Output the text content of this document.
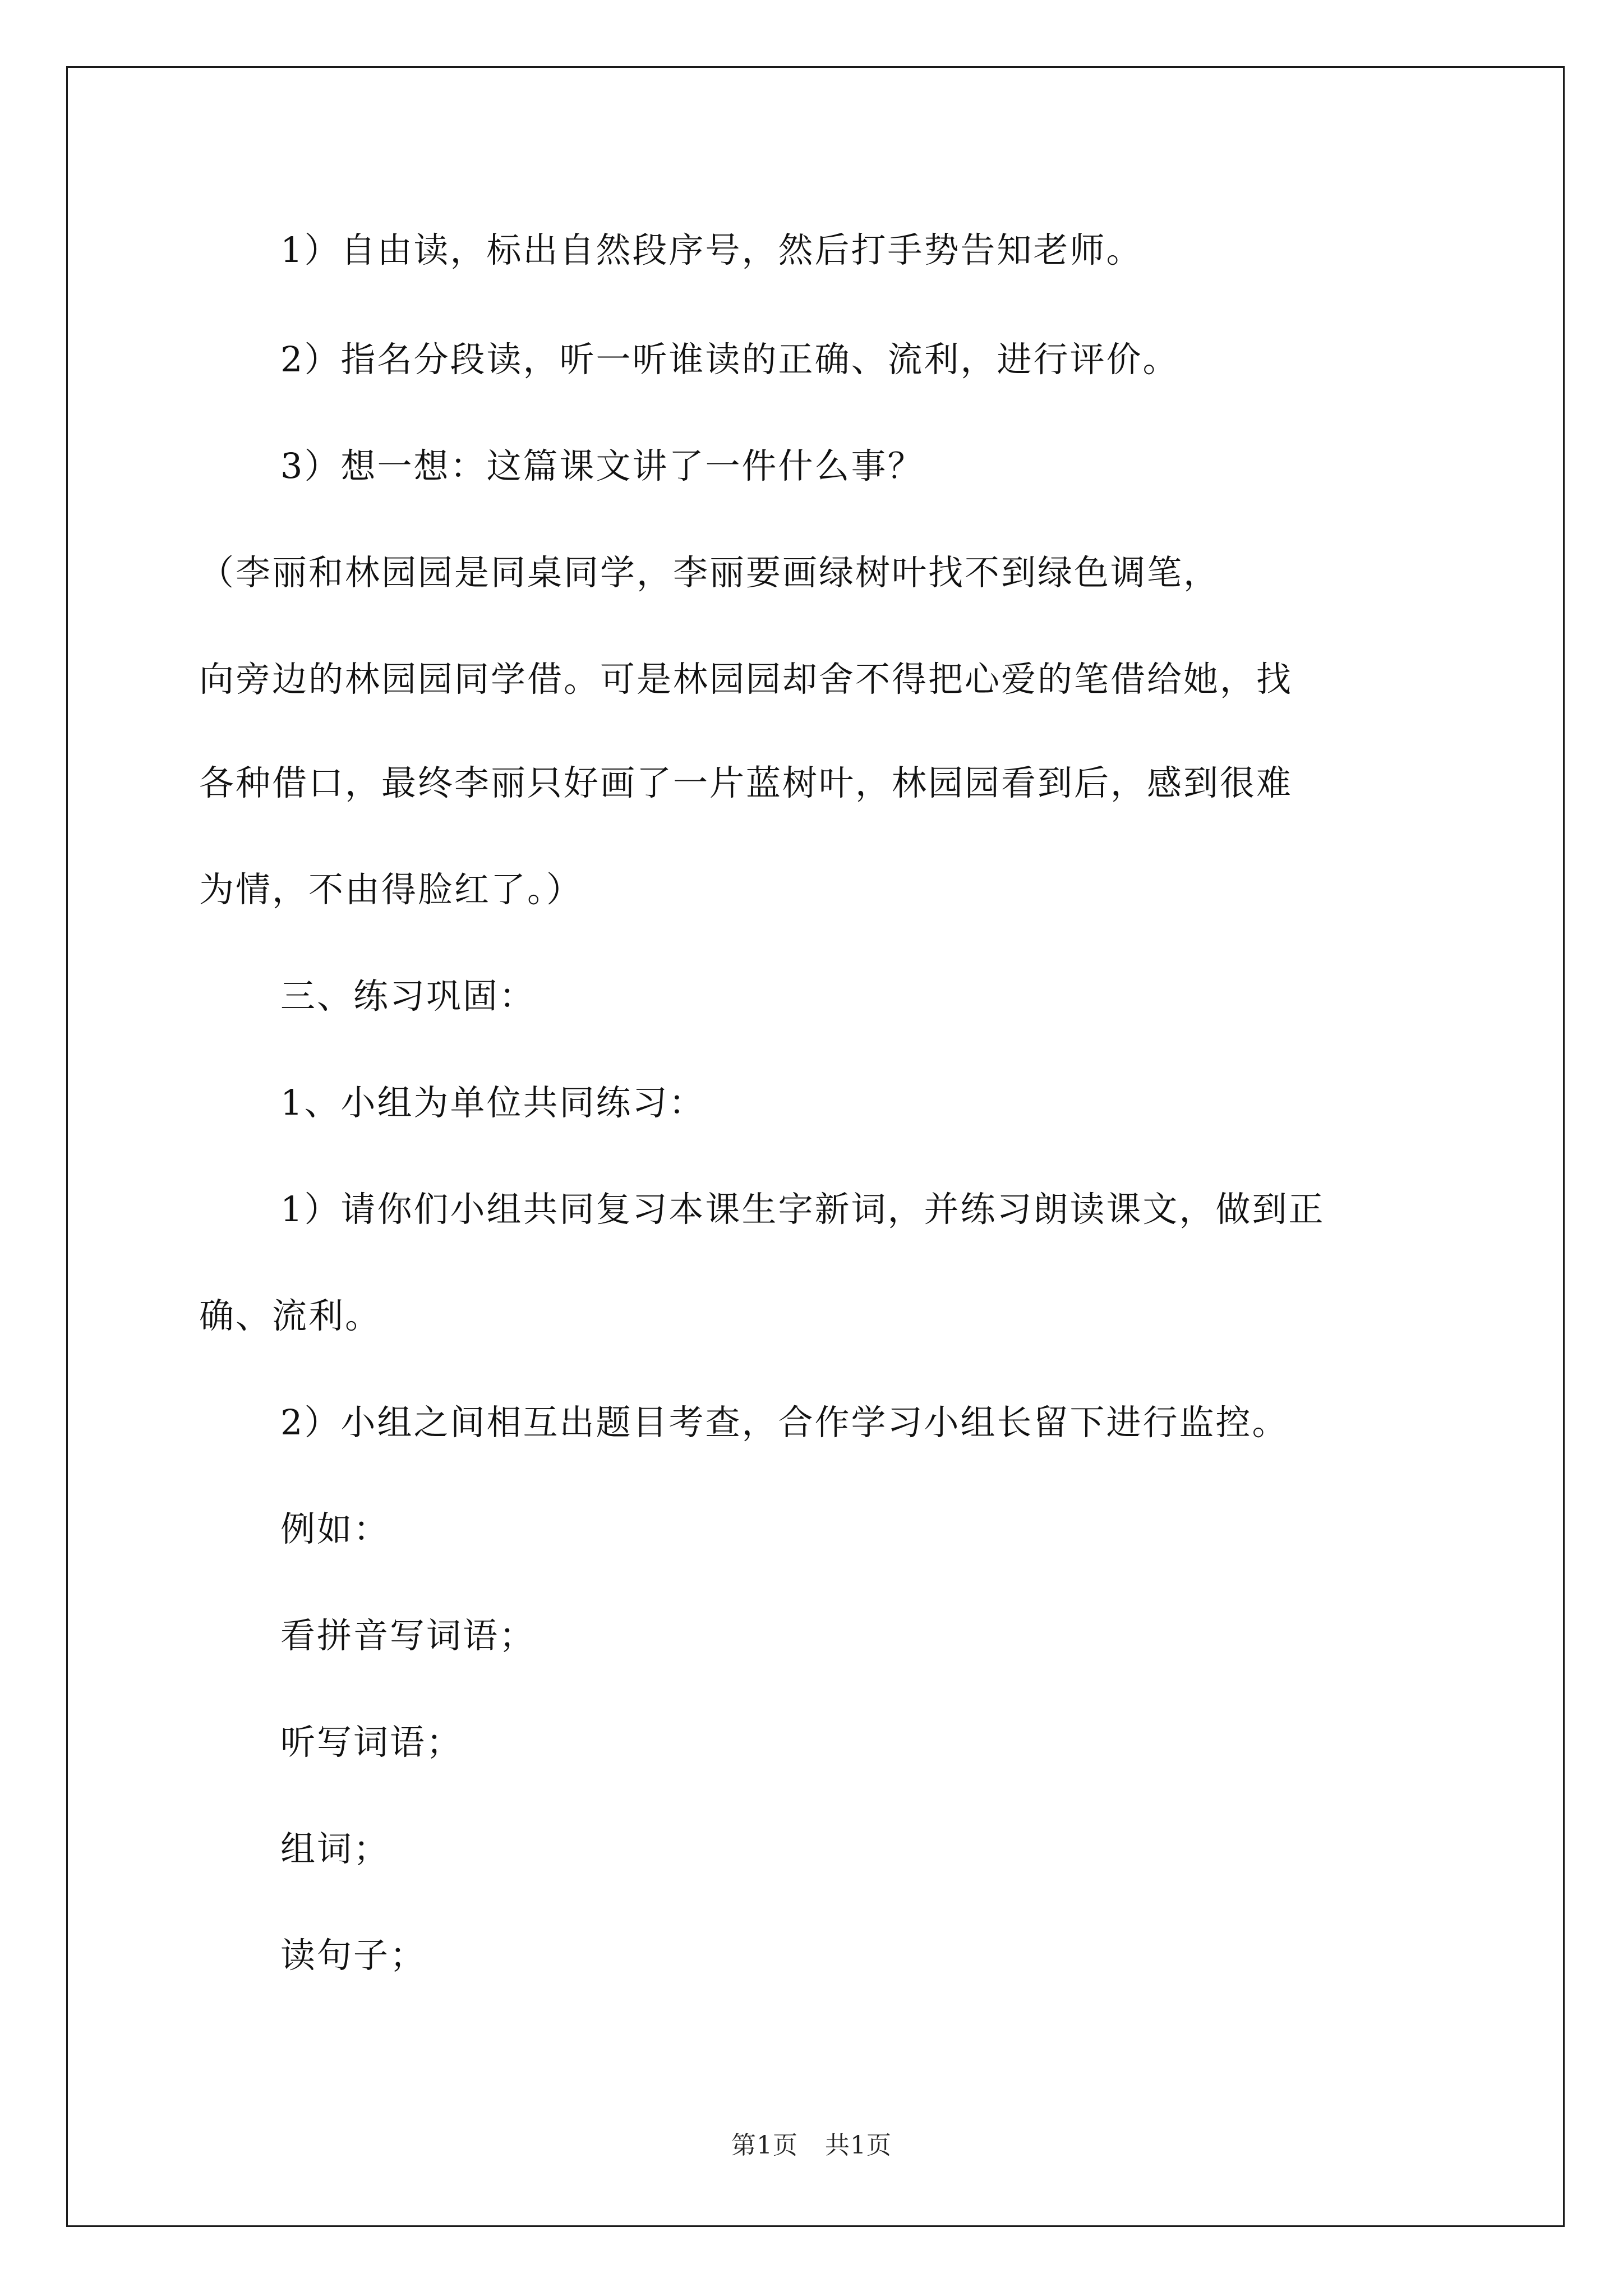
1）自由读，标出自然段序号，然后打手势告知老师。
2）指名分段读，听一听谁读的正确、流利，进行评价。
3）想一想：这篇课文讲了一件什么事？
（李丽和林园园是同桌同学，李丽要画绿树叶找不到绿色调笔，
向旁边的林园园同学借。可是林园园却舍不得把心爱的笔借给她，找
各种借口，最终李丽只好画了一片蓝树叶，林园园看到后，感到很难
为情，不由得脸红了。）
三、练习巩固：
1、小组为单位共同练习：
1）请你们小组共同复习本课生字新词，并练习朗读课文，做到正
确、流利。
2）小组之间相互出题目考查，合作学习小组长留下进行监控。
例如：
看拼音写词语；
听写词语；
组词；
读句子；
第1页 共1页
